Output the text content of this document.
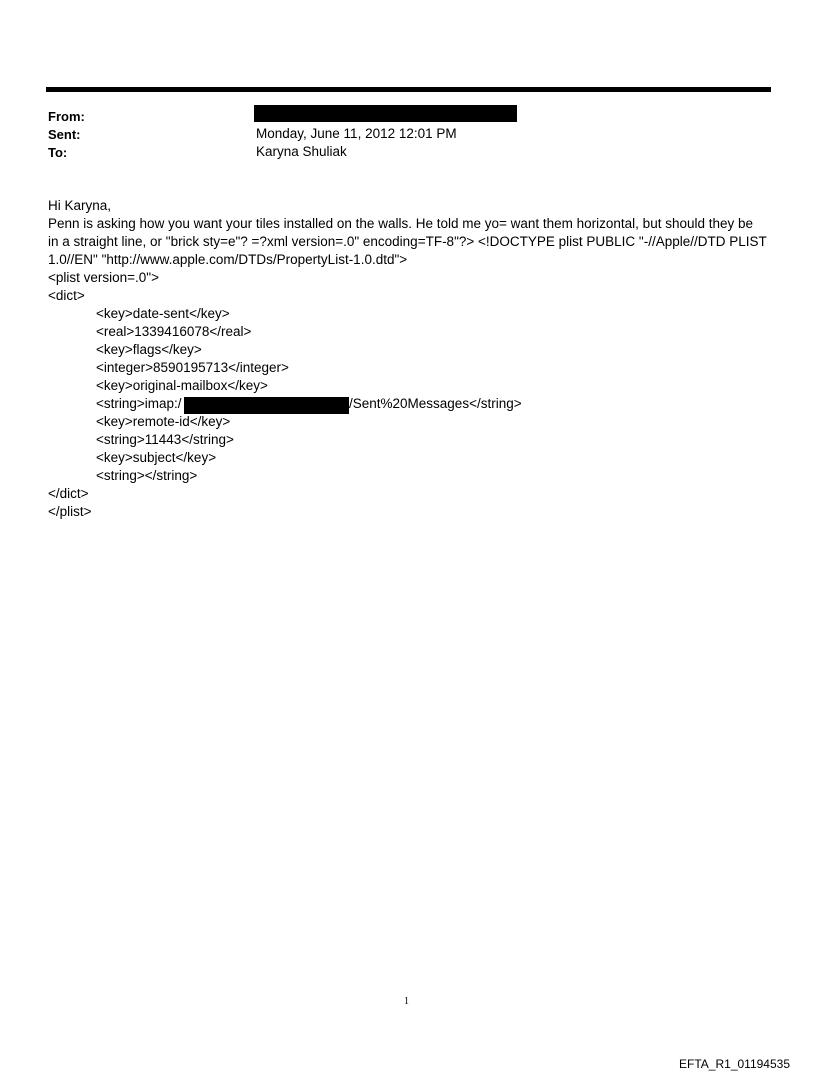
From:
Sent:	Monday, June 11, 2012 12:01 PM
To:	Karyna Shuliak
Hi Karyna,
Penn is asking how you want your tiles installed on the walls. He told me yo= want them horizontal, but should they be
in a straight line, or "brick sty=e"? =?xml version=.0" encoding=TF-8"?> <!DOCTYPE plist PUBLIC "-//Apple//DTD PLIST
1.0//EN" "http://www.apple.com/DTDs/PropertyList-1.0.dtd">
<plist version=.0">
<dict>
<key>date-sent</key>
<real>1339416078</real>
<key>flags</key>
<integer>8590195713</integer>
<key>original-mailbox</key>
<string>imap:/	/Sent%20Messages</string>
<key>remote-id</key>
<string>11443</string>
<key>subject</key>
<string></string>
</dict>
</plist>
1
EFTA_R1_01194535
